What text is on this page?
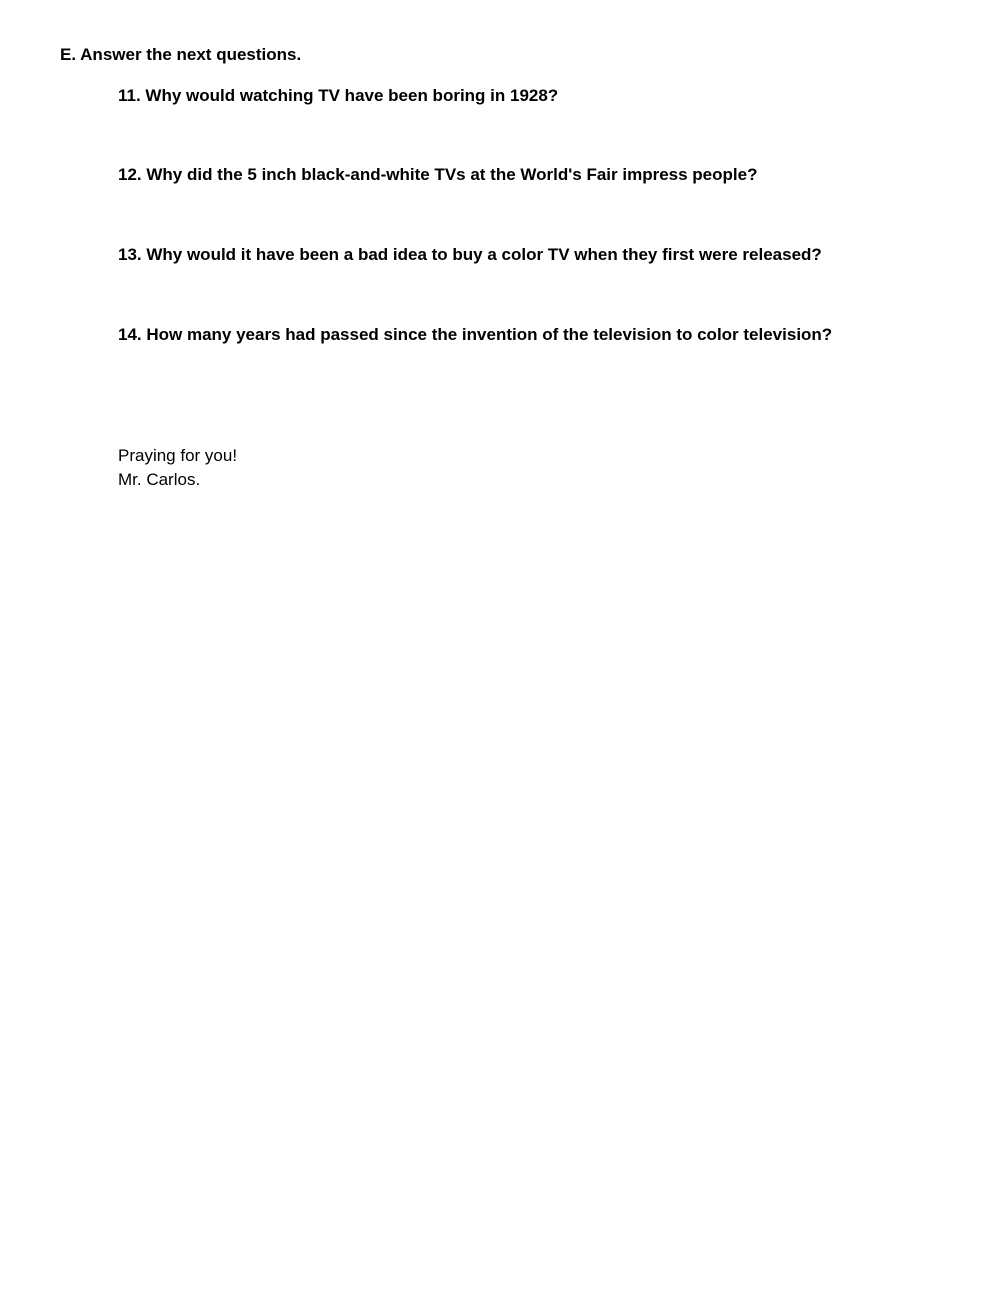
E. Answer the next questions.
11. Why would watching TV have been boring in 1928?
12. Why did the 5 inch black-and-white TVs at the World's Fair impress people?
13. Why would it have been a bad idea to buy a color TV when they first were released?
14. How many years had passed since the invention of the television to color television?
Praying for you!
Mr. Carlos.
